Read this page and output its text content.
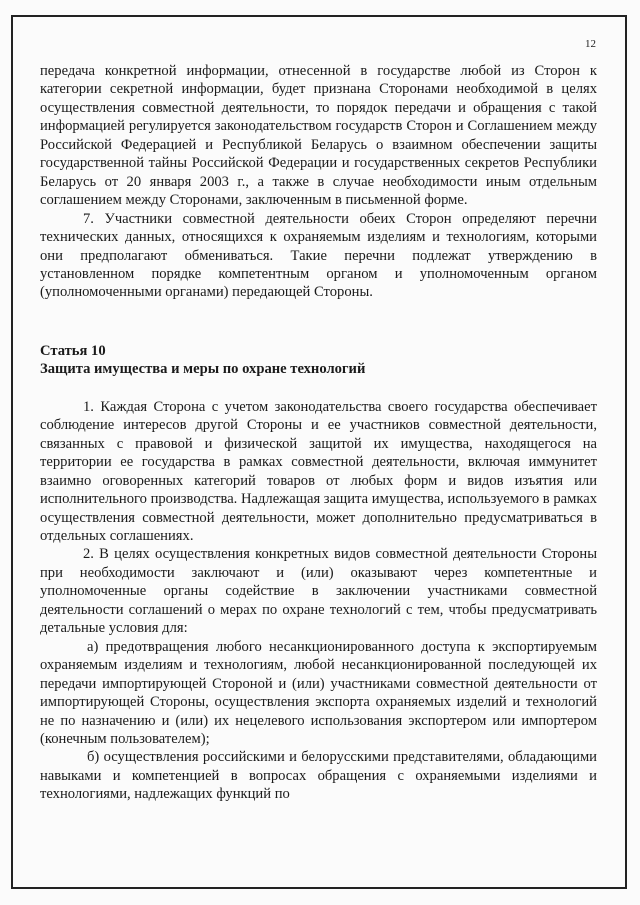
12

передача конкретной информации, отнесенной в государстве любой из Сторон к категории секретной информации, будет признана Сторонами необходимой в целях осуществления совместной деятельности, то порядок передачи и обращения с такой информацией регулируется законодательством государств Сторон и Соглашением между Российской Федерацией и Республикой Беларусь о взаимном обеспечении защиты государственной тайны Российской Федерации и государственных секретов Республики Беларусь от 20 января 2003 г., а также в случае необходимости иным отдельным соглашением между Сторонами, заключенным в письменной форме.

7. Участники совместной деятельности обеих Сторон определяют перечни технических данных, относящихся к охраняемым изделиям и технологиям, которыми они предполагают обмениваться. Такие перечни подлежат утверждению в установленном порядке компетентным органом и уполномоченным органом (уполномоченными органами) передающей Стороны.

Статья 10

Защита имущества и меры по охране технологий

1. Каждая Сторона с учетом законодательства своего государства обеспечивает соблюдение интересов другой Стороны и ее участников совместной деятельности, связанных с правовой и физической защитой их имущества, находящегося на территории ее государства в рамках совместной деятельности, включая иммунитет взаимно оговоренных категорий товаров от любых форм и видов изъятия или исполнительного производства. Надлежащая защита имущества, используемого в рамках осуществления совместной деятельности, может дополнительно предусматриваться в отдельных соглашениях.

2. В целях осуществления конкретных видов совместной деятельности Стороны при необходимости заключают и (или) оказывают через компетентные и уполномоченные органы содействие в заключении участниками совместной деятельности соглашений о мерах по охране технологий с тем, чтобы предусматривать детальные условия для:

а) предотвращения любого несанкционированного доступа к экспортируемым охраняемым изделиям и технологиям, любой несанкционированной последующей их передачи импортирующей Стороной и (или) участниками совместной деятельности от импортирующей Стороны, осуществления экспорта охраняемых изделий и технологий не по назначению и (или) их нецелевого использования экспортером или импортером (конечным пользователем);

б) осуществления российскими и белорусскими представителями, обладающими навыками и компетенцией в вопросах обращения с охраняемыми изделиями и технологиями, надлежащих функций по
